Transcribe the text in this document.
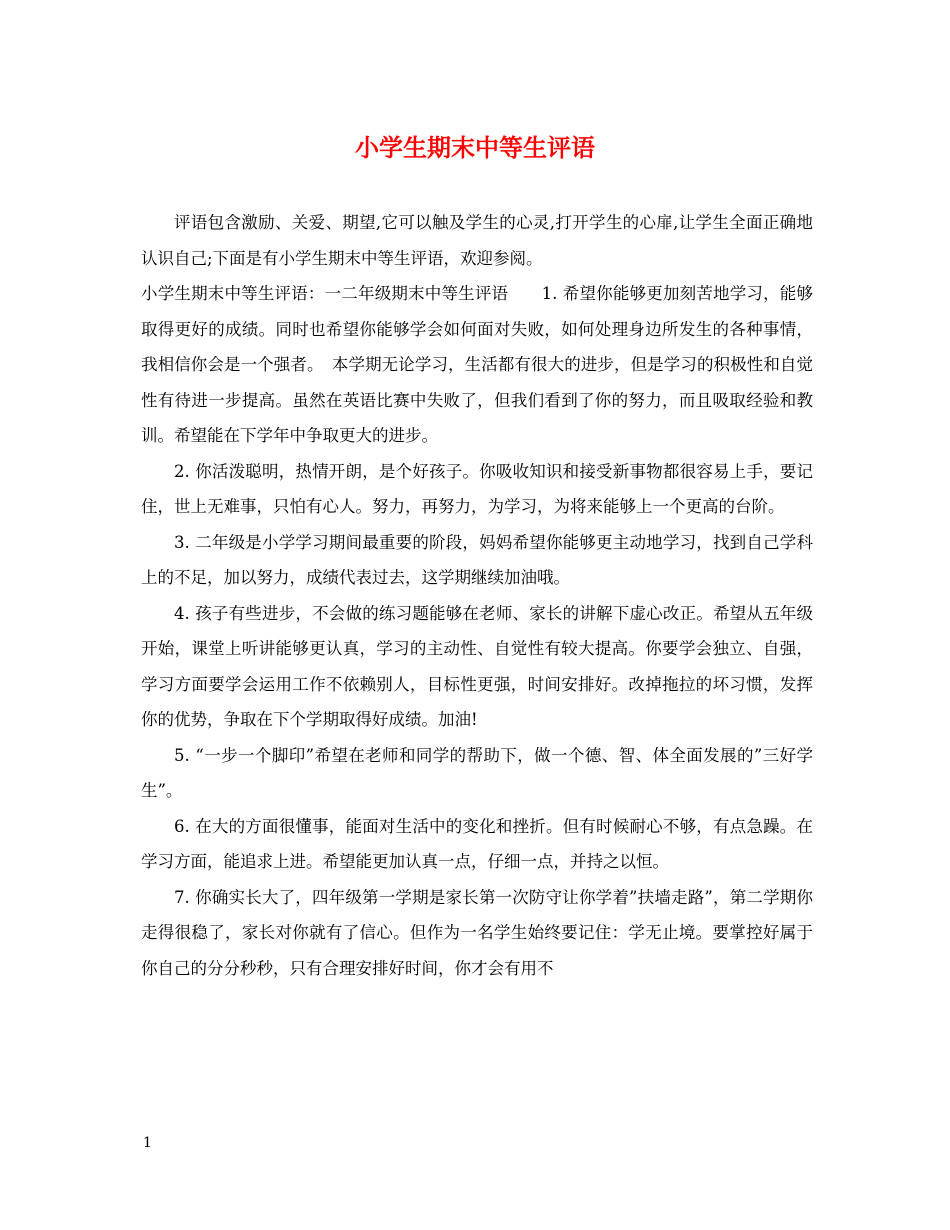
小学生期末中等生评语

评语包含激励、关爱、期望,它可以触及学生的心灵,打开学生的心扉,让学生全面正确地认识自己;下面是有小学生期末中等生评语，欢迎参阅。

小学生期末中等生评语：一二年级期末中等生评语　　1. 希望你能够更加刻苦地学习，能够取得更好的成绩。同时也希望你能够学会如何面对失败，如何处理身边所发生的各种事情，我相信你会是一个强者。　本学期无论学习，生活都有很大的进步，但是学习的积极性和自觉性有待进一步提高。虽然在英语比赛中失败了，但我们看到了你的努力，而且吸取经验和教训。希望能在下学年中争取更大的进步。

2. 你活泼聪明，热情开朗，是个好孩子。你吸收知识和接受新事物都很容易上手，要记住，世上无难事，只怕有心人。努力，再努力，为学习，为将来能够上一个更高的台阶。

3. 二年级是小学学习期间最重要的阶段，妈妈希望你能够更主动地学习，找到自己学科上的不足，加以努力，成绩代表过去，这学期继续加油哦。

4. 孩子有些进步，不会做的练习题能够在老师、家长的讲解下虚心改正。希望从五年级开始，课堂上听讲能够更认真，学习的主动性、自觉性有较大提高。你要学会独立、自强，学习方面要学会运用工作不依赖别人，目标性更强，时间安排好。改掉拖拉的坏习惯，发挥你的优势，争取在下个学期取得好成绩。加油!

5. “一步一个脚印”希望在老师和同学的帮助下，做一个德、智、体全面发展的”三好学生”。

6. 在大的方面很懂事，能面对生活中的变化和挫折。但有时候耐心不够，有点急躁。在学习方面，能追求上进。希望能更加认真一点，仔细一点，并持之以恒。

7. 你确实长大了，四年级第一学期是家长第一次防守让你学着”扶墙走路”，第二学期你走得很稳了，家长对你就有了信心。但作为一名学生始终要记住：学无止境。要掌控好属于你自己的分分秒秒，只有合理安排好时间，你才会有用不

1
